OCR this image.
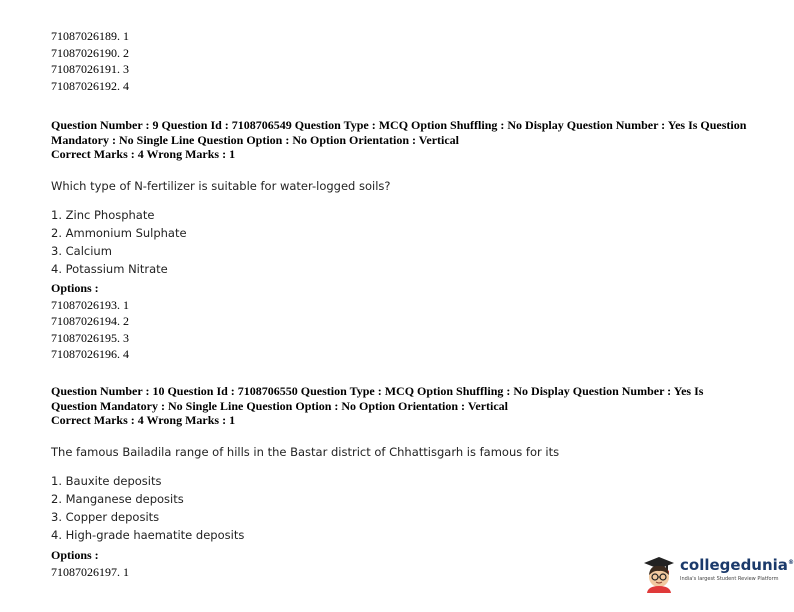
71087026189. 1
71087026190. 2
71087026191. 3
71087026192. 4
Question Number : 9 Question Id : 7108706549 Question Type : MCQ Option Shuffling : No Display Question Number : Yes Is Question
Mandatory : No Single Line Question Option : No Option Orientation : Vertical
Correct Marks : 4 Wrong Marks : 1
Which type of N-fertilizer is suitable for water-logged soils?
1. Zinc Phosphate
2. Ammonium Sulphate
3. Calcium
4. Potassium Nitrate
Options :
71087026193. 1
71087026194. 2
71087026195. 3
71087026196. 4
Question Number : 10 Question Id : 7108706550 Question Type : MCQ Option Shuffling : No Display Question Number : Yes Is
Question Mandatory : No Single Line Question Option : No Option Orientation : Vertical
Correct Marks : 4 Wrong Marks : 1
The famous Bailadila range of hills in the Bastar district of Chhattisgarh is famous for its
1. Bauxite deposits
2. Manganese deposits
3. Copper deposits
4. High-grade haematite deposits
Options :
71087026197. 1	collegedunia®
India's largest Student Review Platform
